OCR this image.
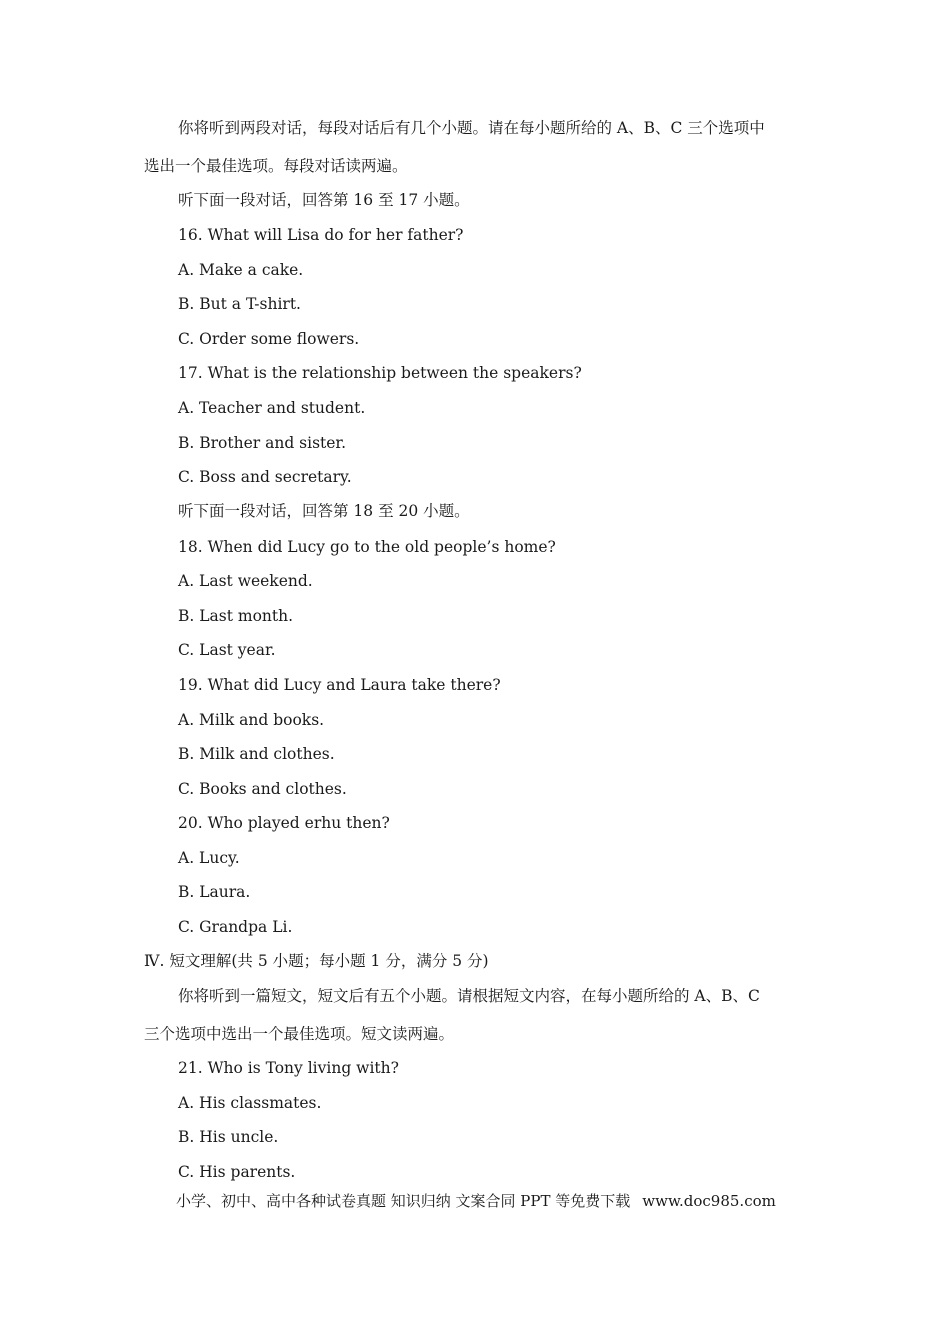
你将听到两段对话，每段对话后有几个小题。请在每小题所给的 A、B、C 三个选项中
选出一个最佳选项。每段对话读两遍。
听下面一段对话，回答第 16 至 17 小题。
16. What will Lisa do for her father?
A. Make a cake.
B. But a T-shirt.
C. Order some flowers.
17. What is the relationship between the speakers?
A. Teacher and student.
B. Brother and sister.
C. Boss and secretary.
听下面一段对话，回答第 18 至 20 小题。
18. When did Lucy go to the old people’s home?
A. Last weekend.
B. Last month.
C. Last year.
19. What did Lucy and Laura take there?
A. Milk and books.
B. Milk and clothes.
C. Books and clothes.
20. Who played erhu then?
A. Lucy.
B. Laura.
C. Grandpa Li.
Ⅳ. 短文理解(共 5 小题；每小题 1 分，满分 5 分)
你将听到一篇短文，短文后有五个小题。请根据短文内容，在每小题所给的 A、B、C
三个选项中选出一个最佳选项。短文读两遍。
21. Who is Tony living with?
A. His classmates.
B. His uncle.
C. His parents.
小学、初中、高中各种试卷真题 知识归纳 文案合同 PPT 等免费下载 www.doc985.com
